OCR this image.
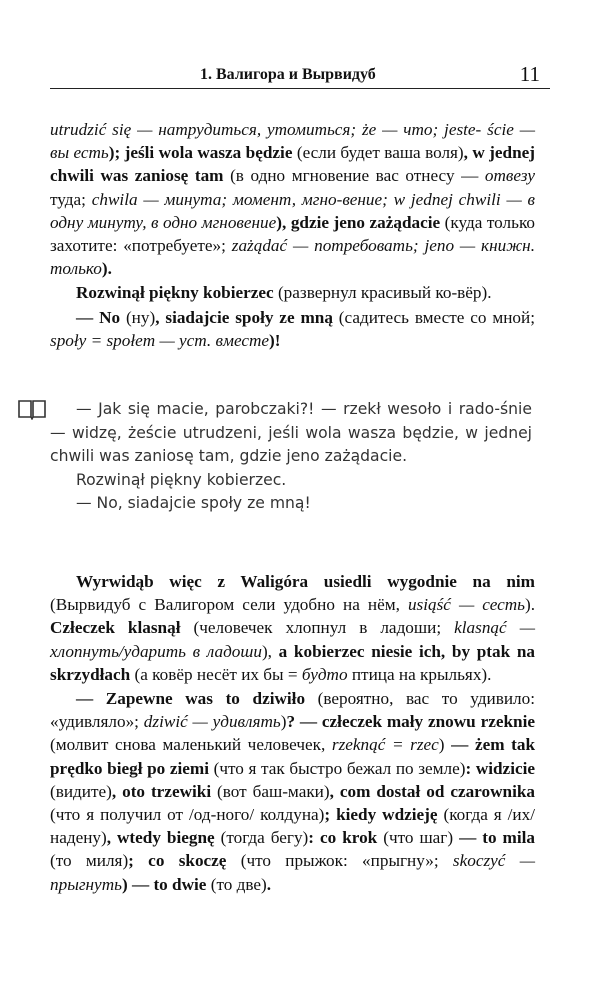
1. Валигора и Вырвидуб	11

utrudzić się — натрудиться, утомиться; że — что; jeste- ście — вы есть); jeśli wola wasza będzie (если будет ваша воля), w jednej chwili was zaniosę tam (в одно мгновение вас отнесу — отвезу туда; chwila — минута; момент, мгно-вение; w jednej chwili — в одну минуту, в одно мгновение), gdzie jeno zażądacie (куда только захотите: «потребуете»; zażądać — потребовать; jeno — книжн. только).

Rozwinął piękny kobierzec (развернул красивый ко-вёр).

— No (ну), siadajcie społy ze mną (садитесь вместе со мной; społy = społem — уст. вместе)!

— Jak się macie, parobczaki?! — rzekł wesoło i rado-śnie — widzę, żeście utrudzeni, jeśli wola wasza będzie, w jednej chwili was zaniosę tam, gdzie jeno zażądacie.

Rozwinął piękny kobierzec.

— No, siadajcie społy ze mną!

Wyrwidąb więc z Waligóra usiedli wygodnie na nim (Вырвидуб с Валигором сели удобно на нём, usiąść — сесть). Człeczek klasnął (человечек хлопнул в ладоши; klasnąć — хлопнуть/ударить в ладоши), a kobierzec niesie ich, by ptak na skrzydłach (а ковёр несёт их бы = будто птица на крыльях).

— Zapewne was to dziwiło (вероятно, вас то удивило: «удивляло»; dziwić — удивлять)? — człeczek mały znowu rzeknie (молвит снова маленький человечек, rzeknąć = rzec) — żem tak prędko biegł po ziemi (что я так быстро бежал по земле): widzicie (видите), oto trzewiki (вот баш-маки), com dostał od czarownika (что я получил от /од-ного/ колдуна); kiedy wdzieję (когда я /их/ надену), wtedy biegnę (тогда бегу): co krok (что шаг) — to mila (то миля); co skoczę (что прыжок: «прыгну»; skoczyć — прыгнуть) — to dwie (то две).
